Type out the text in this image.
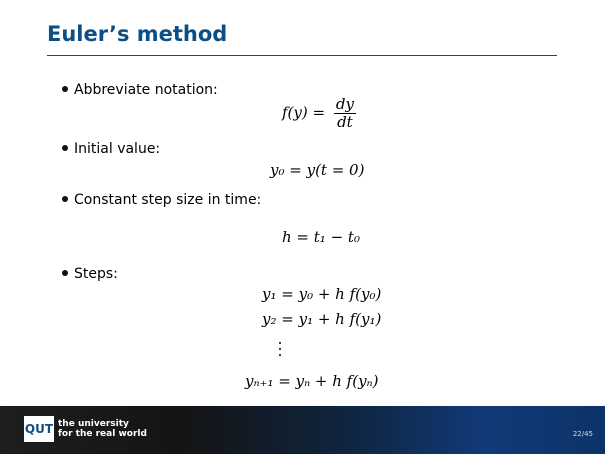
Euler’s method
Abbreviate notation:
$f(y) = \frac{dy}{dt}$
Initial value:
y₀ = y(t = 0)
Constant step size in time:
h = t₁ − t₀
Steps:
y₁ = y₀ + h f(y₀)
y₂ = y₁ + h f(y₁)
yₙ₊₁ = yₙ + h f(yₙ)
QUT the university
for the real world	22/45
